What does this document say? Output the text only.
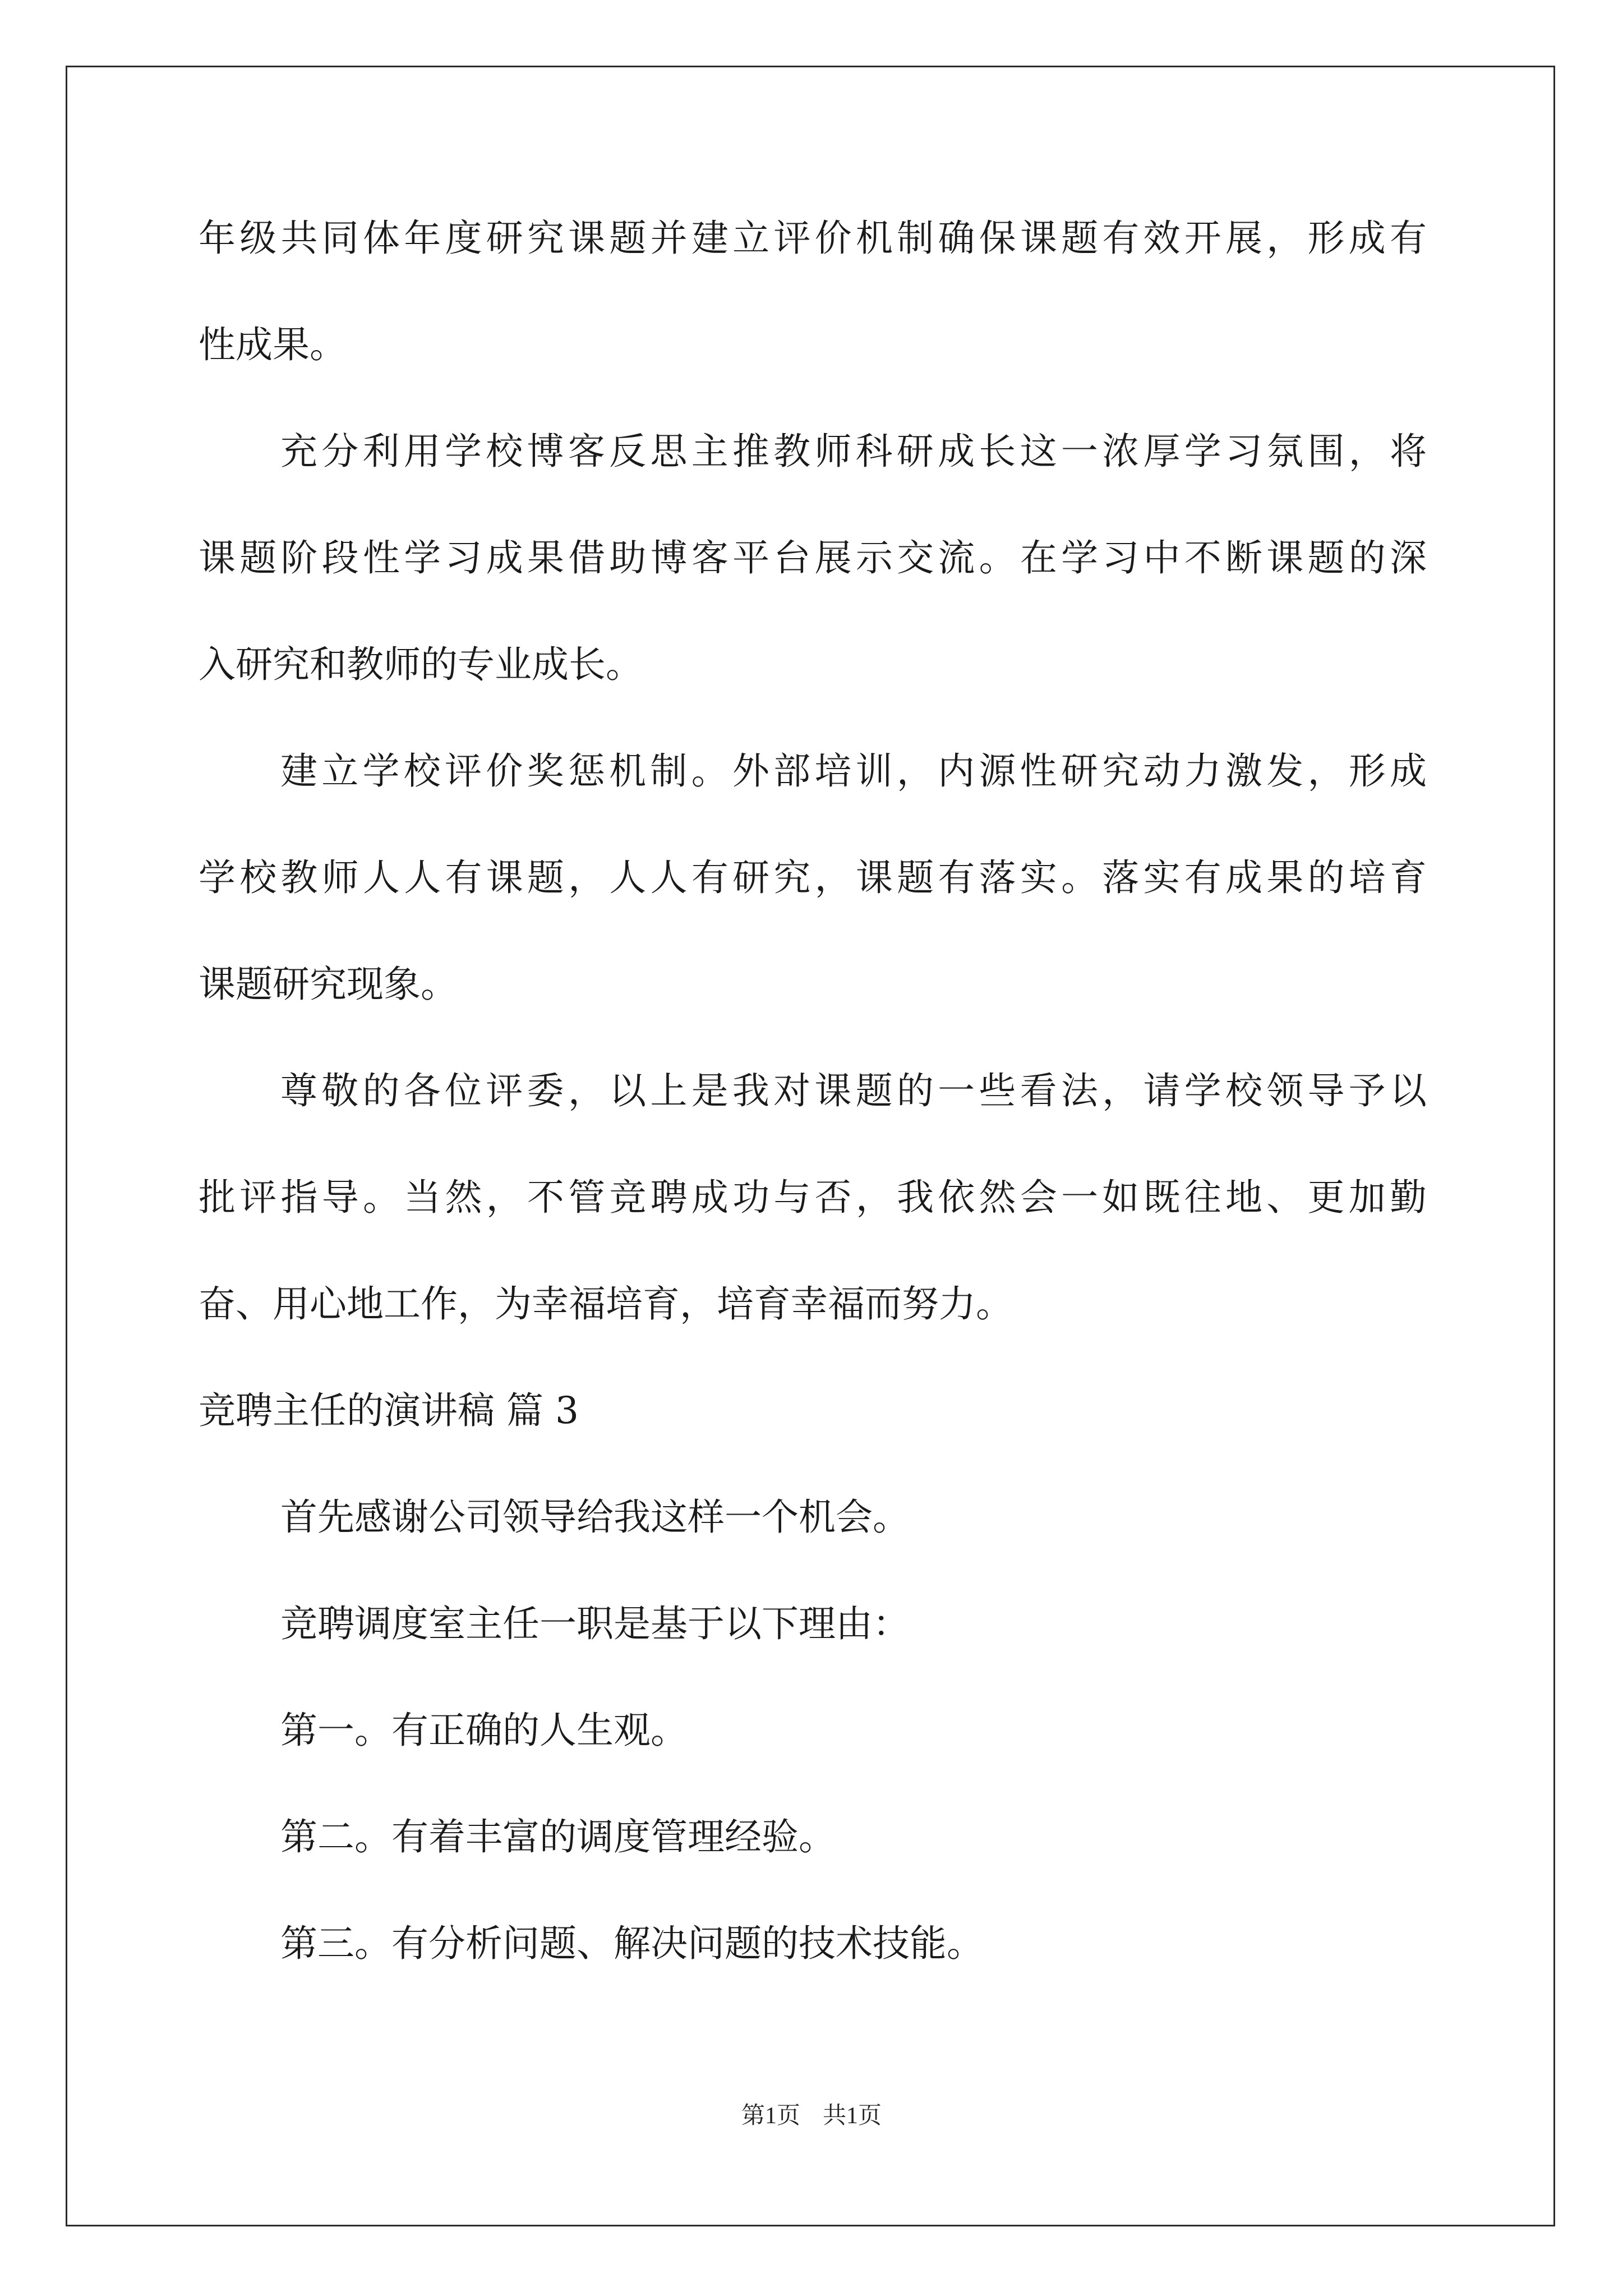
年级共同体年度研究课题并建立评价机制确保课题有效开展，形成有
性成果。
充分利用学校博客反思主推教师科研成长这一浓厚学习氛围，将
课题阶段性学习成果借助博客平台展示交流。在学习中不断课题的深
入研究和教师的专业成长。
建立学校评价奖惩机制。外部培训，内源性研究动力激发，形成
学校教师人人有课题，人人有研究，课题有落实。落实有成果的培育
课题研究现象。
尊敬的各位评委，以上是我对课题的一些看法，请学校领导予以
批评指导。当然，不管竞聘成功与否，我依然会一如既往地、更加勤
奋、用心地工作，为幸福培育，培育幸福而努力。
竞聘主任的演讲稿 篇 3
首先感谢公司领导给我这样一个机会。
竞聘调度室主任一职是基于以下理由：
第一。有正确的人生观。
第二。有着丰富的调度管理经验。
第三。有分析问题、解决问题的技术技能。
第1页 共1页
